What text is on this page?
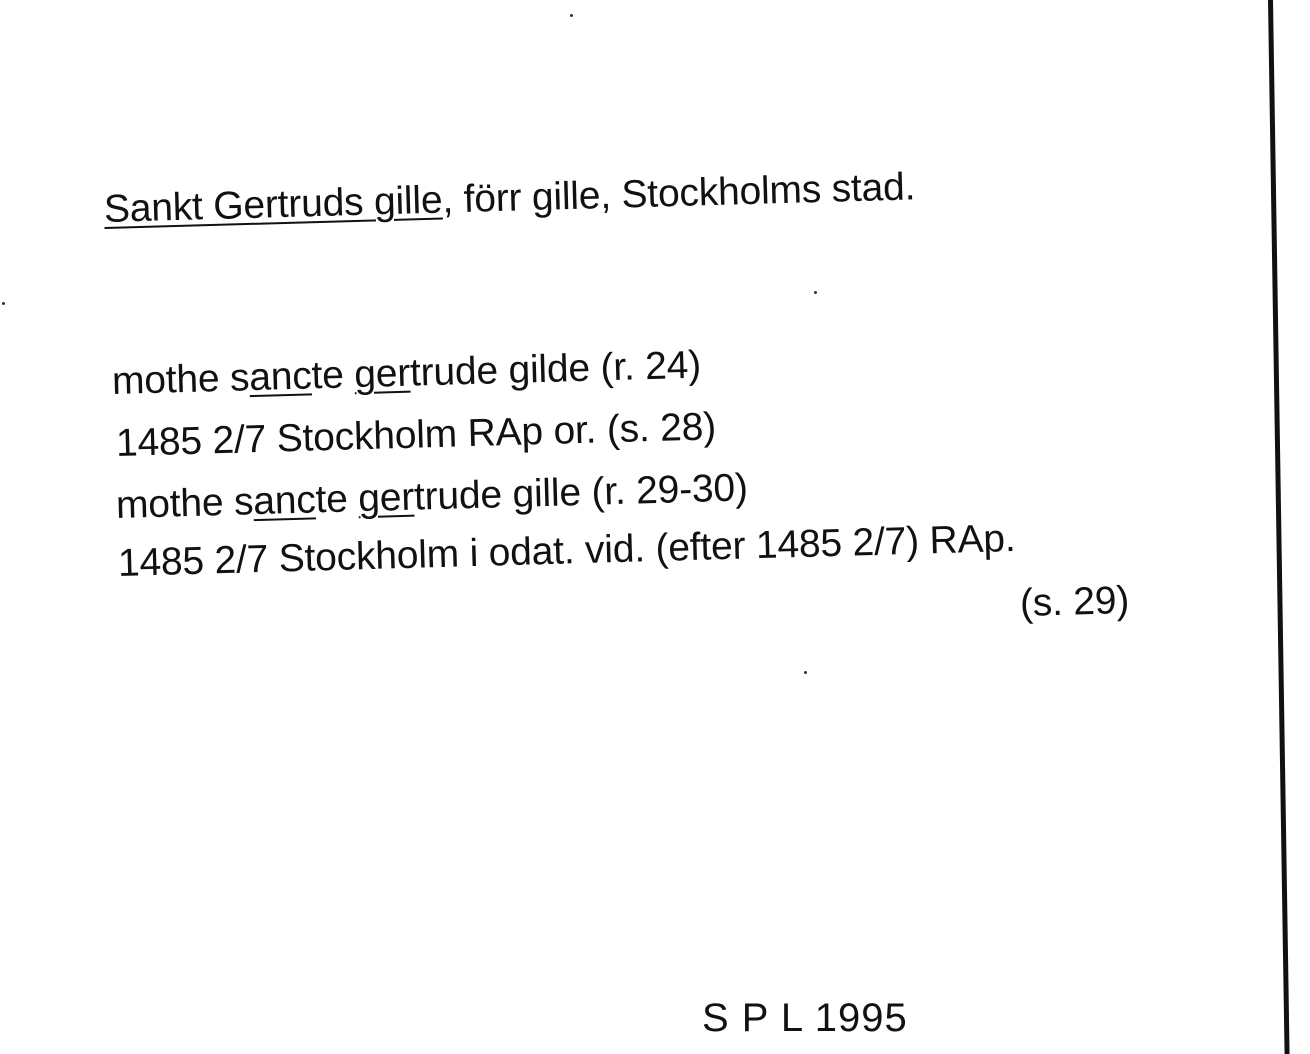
Sankt Gertruds gille, förr gille, Stockholms stad.
mothe sancte gertrude gilde (r. 24)
1485 2/7 Stockholm RAp or. (s. 28)
mothe sancte gertrude gille (r. 29-30)
1485 2/7 Stockholm i odat. vid. (efter 1485 2/7) RAp.
(s. 29)
S P L 1995
